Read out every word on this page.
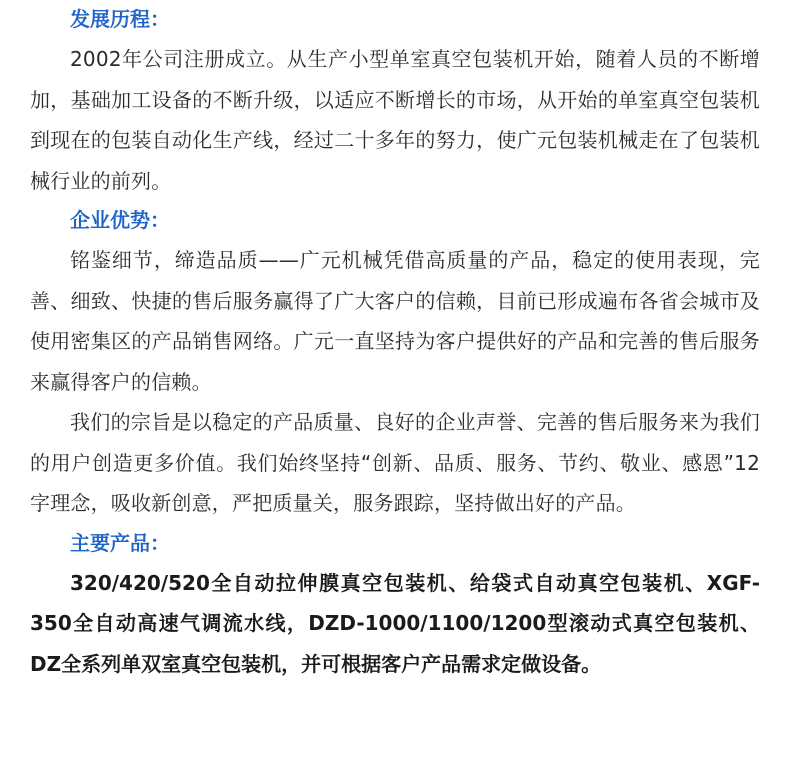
发展历程：

2002年公司注册成立。从生产小型单室真空包装机开始，随着人员的不断增加，基础加工设备的不断升级，以适应不断增长的市场，从开始的单室真空包装机到现在的包装自动化生产线，经过二十多年的努力，使广元包装机械走在了包装机械行业的前列。

企业优势：

铭鉴细节，缔造品质——广元机械凭借高质量的产品，稳定的使用表现，完善、细致、快捷的售后服务赢得了广大客户的信赖，目前已形成遍布各省会城市及使用密集区的产品销售网络。广元一直坚持为客户提供好的产品和完善的售后服务来赢得客户的信赖。

我们的宗旨是以稳定的产品质量、良好的企业声誉、完善的售后服务来为我们的用户创造更多价值。我们始终坚持“创新、品质、服务、节约、敬业、感恩”12字理念，吸收新创意，严把质量关，服务跟踪，坚持做出好的产品。

主要产品：

320/420/520全自动拉伸膜真空包装机、给袋式自动真空包装机、XGF-350全自动高速气调流水线，DZD-1000/1100/1200型滚动式真空包装机、DZ全系列单双室真空包装机，并可根据客户产品需求定做设备。
